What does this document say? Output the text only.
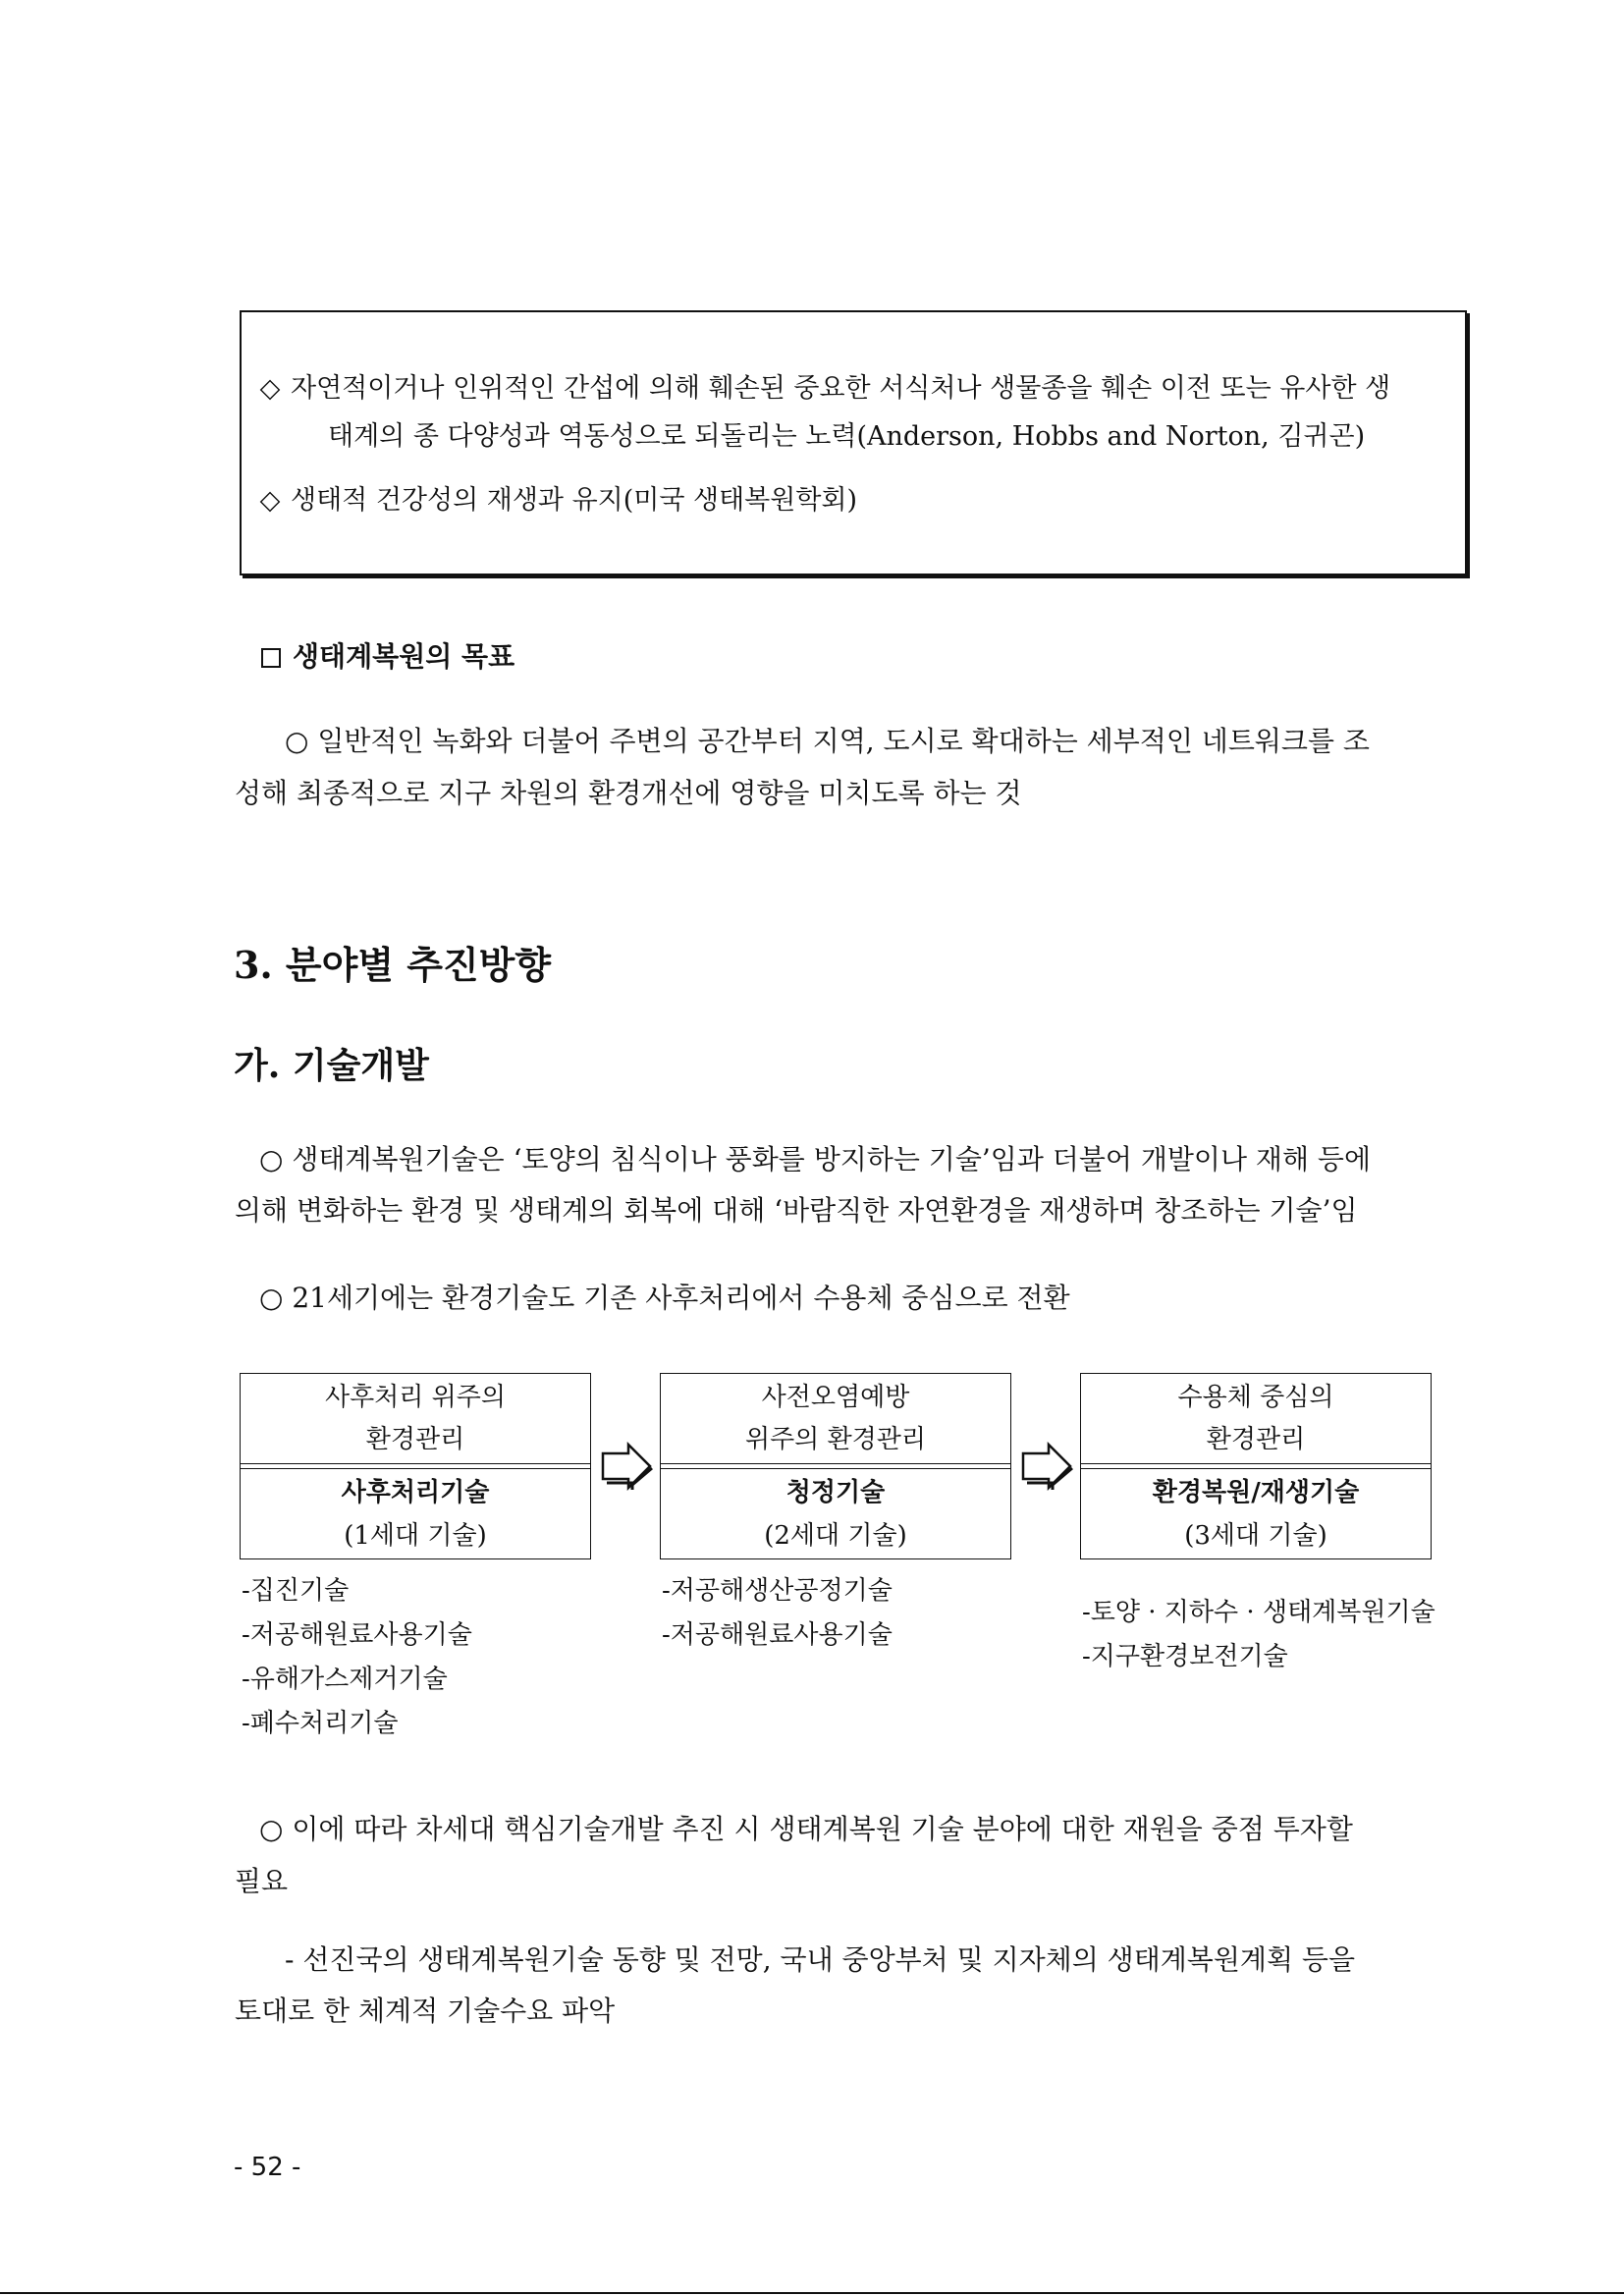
◇ 자연적이거나 인위적인 간섭에 의해 훼손된 중요한 서식처나 생물종을 훼손 이전 또는 유사한 생
태계의 종 다양성과 역동성으로 되돌리는 노력(Anderson, Hobbs and Norton, 김귀곤)
◇ 생태적 건강성의 재생과 유지(미국 생태복원학회)
생태계복원의 목표
○ 일반적인 녹화와 더불어 주변의 공간부터 지역, 도시로 확대하는 세부적인 네트워크를 조
성해 최종적으로 지구 차원의 환경개선에 영향을 미치도록 하는 것
3. 분야별 추진방향
가. 기술개발
○ 생태계복원기술은 ‘토양의 침식이나 풍화를 방지하는 기술’임과 더불어 개발이나 재해 등에
의해 변화하는 환경 및 생태계의 회복에 대해 ‘바람직한 자연환경을 재생하며 창조하는 기술’임
○ 21세기에는 환경기술도 기존 사후처리에서 수용체 중심으로 전환
사후처리 위주의
환경관리
사후처리기술
(1세대 기술)
사전오염예방
위주의 환경관리
청정기술
(2세대 기술)
수용체 중심의
환경관리
환경복원/재생기술
(3세대 기술)
-집진기술
-저공해원료사용기술
-유해가스제거기술
-폐수처리기술
-저공해생산공정기술
-저공해원료사용기술
-토양 · 지하수 · 생태계복원기술
-지구환경보전기술
○ 이에 따라 차세대 핵심기술개발 추진 시 생태계복원 기술 분야에 대한 재원을 중점 투자할
필요
- 선진국의 생태계복원기술 동향 및 전망, 국내 중앙부처 및 지자체의 생태계복원계획 등을
토대로 한 체계적 기술수요 파악
- 52 -
